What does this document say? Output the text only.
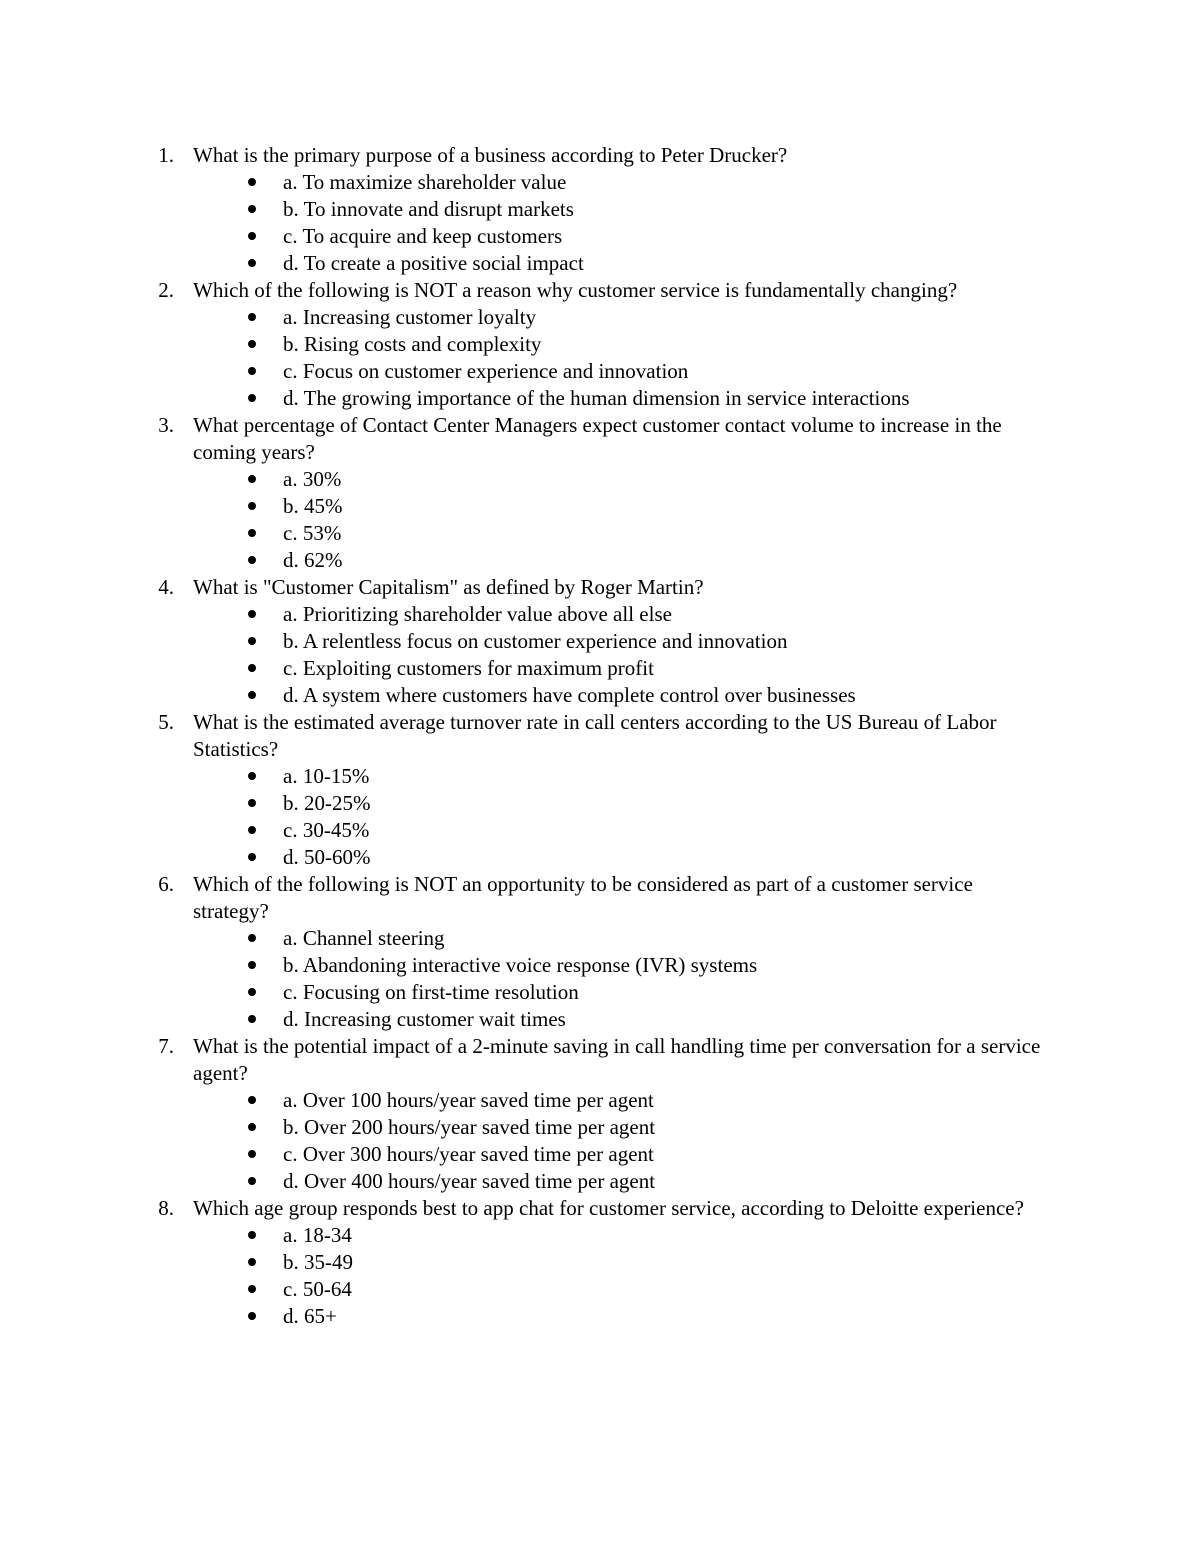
1. What is the primary purpose of a business according to Peter Drucker?
a. To maximize shareholder value
b. To innovate and disrupt markets
c. To acquire and keep customers
d. To create a positive social impact
2. Which of the following is NOT a reason why customer service is fundamentally changing?
a. Increasing customer loyalty
b. Rising costs and complexity
c. Focus on customer experience and innovation
d. The growing importance of the human dimension in service interactions
3. What percentage of Contact Center Managers expect customer contact volume to increase in the coming years?
a. 30%
b. 45%
c. 53%
d. 62%
4. What is "Customer Capitalism" as defined by Roger Martin?
a. Prioritizing shareholder value above all else
b. A relentless focus on customer experience and innovation
c. Exploiting customers for maximum profit
d. A system where customers have complete control over businesses
5. What is the estimated average turnover rate in call centers according to the US Bureau of Labor Statistics?
a. 10-15%
b. 20-25%
c. 30-45%
d. 50-60%
6. Which of the following is NOT an opportunity to be considered as part of a customer service strategy?
a. Channel steering
b. Abandoning interactive voice response (IVR) systems
c. Focusing on first-time resolution
d. Increasing customer wait times
7. What is the potential impact of a 2-minute saving in call handling time per conversation for a service agent?
a. Over 100 hours/year saved time per agent
b. Over 200 hours/year saved time per agent
c. Over 300 hours/year saved time per agent
d. Over 400 hours/year saved time per agent
8. Which age group responds best to app chat for customer service, according to Deloitte experience?
a. 18-34
b. 35-49
c. 50-64
d. 65+
